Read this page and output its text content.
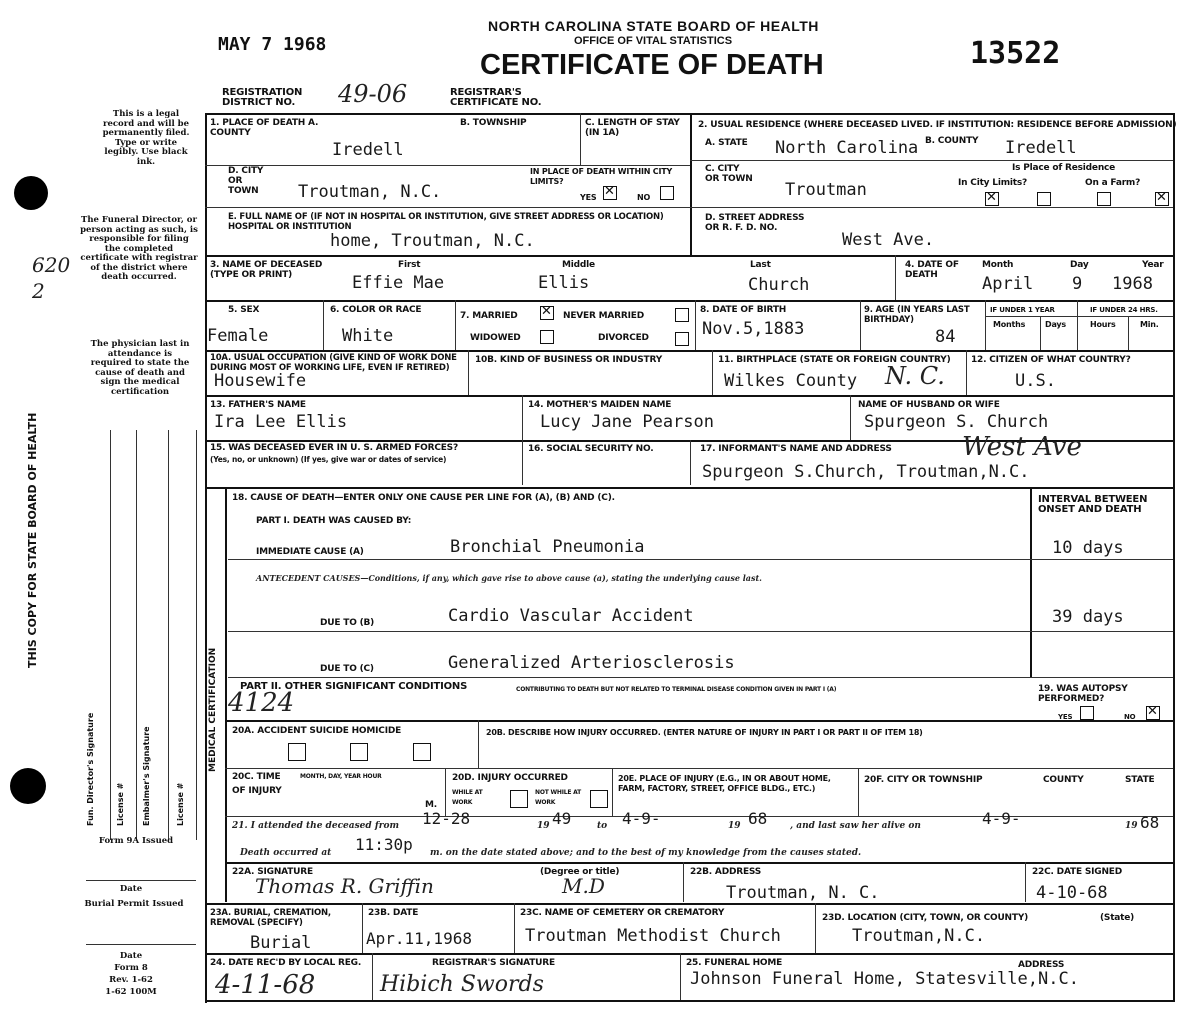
MAY 7 1968
NORTH CAROLINA STATE BOARD OF HEALTH
OFFICE OF VITAL STATISTICS
CERTIFICATE OF DEATH	13522
REGISTRATION DISTRICT NO.	49-06	REGISTRAR'S CERTIFICATE NO.
This is a legal record and will be permanently filed. Type or write legibly. Use black ink.
The Funeral Director, or person acting as such, is responsible for filing the completed certificate with registrar of the district where death occurred.
620 2
The physician last in attendance is required to state the cause of death and sign the medical certification
THIS COPY FOR STATE BOARD OF HEALTH
Fun. Director's Signature	License # Embalmer's Signature	License #
Form 9A Issued
Date
Burial Permit Issued
Date
Form 8
Rev. 1-62
1-62 100M
1. PLACE OF DEATH A. COUNTY
Iredell
B. TOWNSHIP	C. LENGTH OF STAY (IN 1A)
D. CITY OR TOWN	Troutman, N.C.
IN PLACE OF DEATH WITHIN CITY LIMITS?
YES ✕	NO
E. FULL NAME OF (IF NOT IN HOSPITAL OR INSTITUTION, GIVE STREET ADDRESS OR LOCATION) HOSPITAL OR INSTITUTION
home, Troutman, N.C.
2. USUAL RESIDENCE (WHERE DECEASED LIVED. IF INSTITUTION: RESIDENCE BEFORE ADMISSION)
A. STATE North Carolina B. COUNTY Iredell
C. CITY OR TOWN
Troutman
Is Place of Residence
In City Limits?	On a Farm?
✕
✕
D. STREET ADDRESS OR R. F. D. NO.
West Ave.
3. NAME OF DECEASED (TYPE OR PRINT)
First	Middle	Last
Effie Mae	Ellis	Church
4. DATE OF DEATH
Month	Day	Year
April 9 1968
5. SEX
Female
6. COLOR OR RACE
White
7. MARRIED ✕	NEVER MARRIED
WIDOWED	DIVORCED
8. DATE OF BIRTH
Nov.5,1883
9. AGE (IN YEARS LAST BIRTHDAY)
84
IF UNDER 1 YEAR	IF UNDER 24 HRS.
Months Days	Hours	Min.
10A. USUAL OCCUPATION (GIVE KIND OF WORK DONE DURING MOST OF WORKING LIFE, EVEN IF RETIRED)
Housewife
10B. KIND OF BUSINESS OR INDUSTRY	11. BIRTHPLACE (STATE OR FOREIGN COUNTRY)
Wilkes County N. C.
12. CITIZEN OF WHAT COUNTRY?
U.S.
13. FATHER'S NAME
Ira Lee Ellis
14. MOTHER'S MAIDEN NAME
Lucy Jane Pearson
NAME OF HUSBAND OR WIFE
Spurgeon S. Church
15. WAS DECEASED EVER IN U. S. ARMED FORCES?
(Yes, no, or unknown) (If yes, give war or dates of service)
16. SOCIAL SECURITY NO.	17. INFORMANT'S NAME AND ADDRESS	West Ave
Spurgeon S.Church, Troutman,N.C.
MEDICAL CERTIFICATION
18. CAUSE OF DEATH—ENTER ONLY ONE CAUSE PER LINE FOR (A), (B) AND (C).	INTERVAL BETWEEN ONSET AND DEATH
PART I. DEATH WAS CAUSED BY:
IMMEDIATE CAUSE (A)	Bronchial Pneumonia	10 days
ANTECEDENT CAUSES—Conditions, if any, which gave rise to above cause (a), stating the underlying cause last.
DUE TO (B)	Cardio Vascular Accident	39 days
DUE TO (C)	Generalized Arteriosclerosis
PART II. OTHER SIGNIFICANT CONDITIONS	CONTRIBUTING TO DEATH BUT NOT RELATED TO TERMINAL DISEASE CONDITION GIVEN IN PART I (A)
4124	19. WAS AUTOPSY PERFORMED?
YES	NO
✕
20A. ACCIDENT SUICIDE HOMICIDE	20B. DESCRIBE HOW INJURY OCCURRED. (ENTER NATURE OF INJURY IN PART I OR PART II OF ITEM 18)
20C. TIME OF INJURY
MONTH, DAY, YEAR HOUR
M.
20D. INJURY OCCURRED
WHILE AT WORK
NOT WHILE AT WORK
20E. PLACE OF INJURY (E.G., IN OR ABOUT HOME, FARM, FACTORY, STREET, OFFICE BLDG., ETC.)
20F. CITY OR TOWNSHIP	COUNTY	STATE
21. I attended the deceased from 12-28	19 49	to 4-9-	19 68	, and last saw her alive on	4-9-	19 68
Death occurred at 11:30p m. on the date stated above; and to the best of my knowledge from the causes stated.
22A. SIGNATURE	(Degree or title)
Thomas R. Griffin	M.D
22B. ADDRESS
Troutman, N. C.
22C. DATE SIGNED
4-10-68
23A. BURIAL, CREMATION, REMOVAL (SPECIFY)
Burial
23B. DATE
Apr.11,1968
23C. NAME OF CEMETERY OR CREMATORY
Troutman Methodist Church
23D. LOCATION (CITY, TOWN, OR COUNTY)	(State)
Troutman,N.C.
24. DATE REC'D BY LOCAL REG.
4-11-68
REGISTRAR'S SIGNATURE
Hibich Swords
25. FUNERAL HOME	ADDRESS
Johnson Funeral Home, Statesville,N.C.
